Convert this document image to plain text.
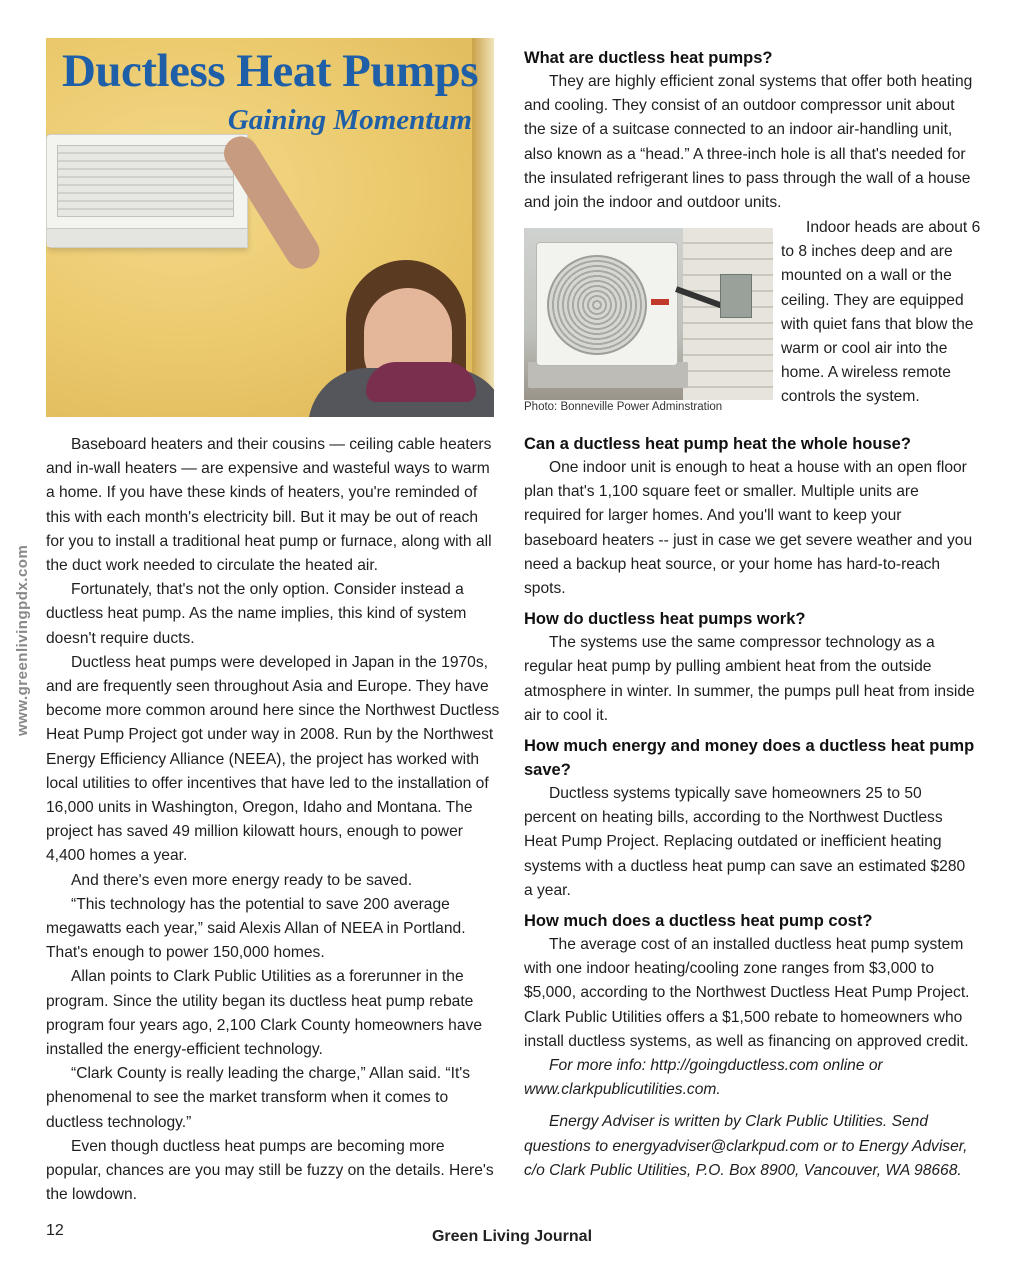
Ductless Heat Pumps
Gaining Momentum
www.greenlivingpdx.com

Baseboard heaters and their cousins — ceiling cable heaters and in-wall heaters — are expensive and wasteful ways to warm a home. If you have these kinds of heaters, you're reminded of this with each month's electricity bill. But it may be out of reach for you to install a traditional heat pump or furnace, along with all the duct work needed to circulate the heated air.

Fortunately, that's not the only option. Consider instead a ductless heat pump. As the name implies, this kind of system doesn't require ducts.

Ductless heat pumps were developed in Japan in the 1970s, and are frequently seen throughout Asia and Europe. They have become more common around here since the Northwest Ductless Heat Pump Project got under way in 2008. Run by the Northwest Energy Efficiency Alliance (NEEA), the project has worked with local utilities to offer incentives that have led to the installation of 16,000 units in Washington, Oregon, Idaho and Montana. The project has saved 49 million kilowatt hours, enough to power 4,400 homes a year.

And there's even more energy ready to be saved.

“This technology has the potential to save 200 average megawatts each year,” said Alexis Allan of NEEA in Portland. That's enough to power 150,000 homes.

Allan points to Clark Public Utilities as a forerunner in the program. Since the utility began its ductless heat pump rebate program four years ago, 2,100 Clark County homeowners have installed the energy-efficient technology.

“Clark County is really leading the charge,” Allan said. “It's phenomenal to see the market transform when it comes to ductless technology.”

Even though ductless heat pumps are becoming more popular, chances are you may still be fuzzy on the details. Here's the lowdown.

What are ductless heat pumps?

They are highly efficient zonal systems that offer both heating and cooling. They consist of an outdoor compressor unit about the size of a suitcase connected to an indoor air-handling unit, also known as a “head.” A three-inch hole is all that's needed for the insulated refrigerant lines to pass through the wall of a house and join the indoor and outdoor units.

Photo: Bonneville Power Adminstration

Indoor heads are about 6 to 8 inches deep and are mounted on a wall or the ceiling. They are equipped with quiet fans that blow the warm or cool air into the home. A wireless remote controls the system.

Can a ductless heat pump heat the whole house?

One indoor unit is enough to heat a house with an open floor plan that's 1,100 square feet or smaller. Multiple units are required for larger homes. And you'll want to keep your baseboard heaters -- just in case we get severe weather and you need a backup heat source, or your home has hard-to-reach spots.

How do ductless heat pumps work?

The systems use the same compressor technology as a regular heat pump by pulling ambient heat from the outside atmosphere in winter. In summer, the pumps pull heat from inside air to cool it.

How much energy and money does a ductless heat pump save?

Ductless systems typically save homeowners 25 to 50 percent on heating bills, according to the Northwest Ductless Heat Pump Project. Replacing outdated or inefficient heating systems with a ductless heat pump can save an estimated $280 a year.

How much does a ductless heat pump cost?

The average cost of an installed ductless heat pump system with one indoor heating/cooling zone ranges from $3,000 to $5,000, according to the Northwest Ductless Heat Pump Project. Clark Public Utilities offers a $1,500 rebate to homeowners who install ductless systems, as well as financing on approved credit.

For more info: http://goingductless.com online or www.clarkpublicutilities.com.

Energy Adviser is written by Clark Public Utilities. Send questions to energyadviser@clarkpud.com or to Energy Adviser, c/o Clark Public Utilities, P.O. Box 8900, Vancouver, WA 98668.

12	Green Living Journal
